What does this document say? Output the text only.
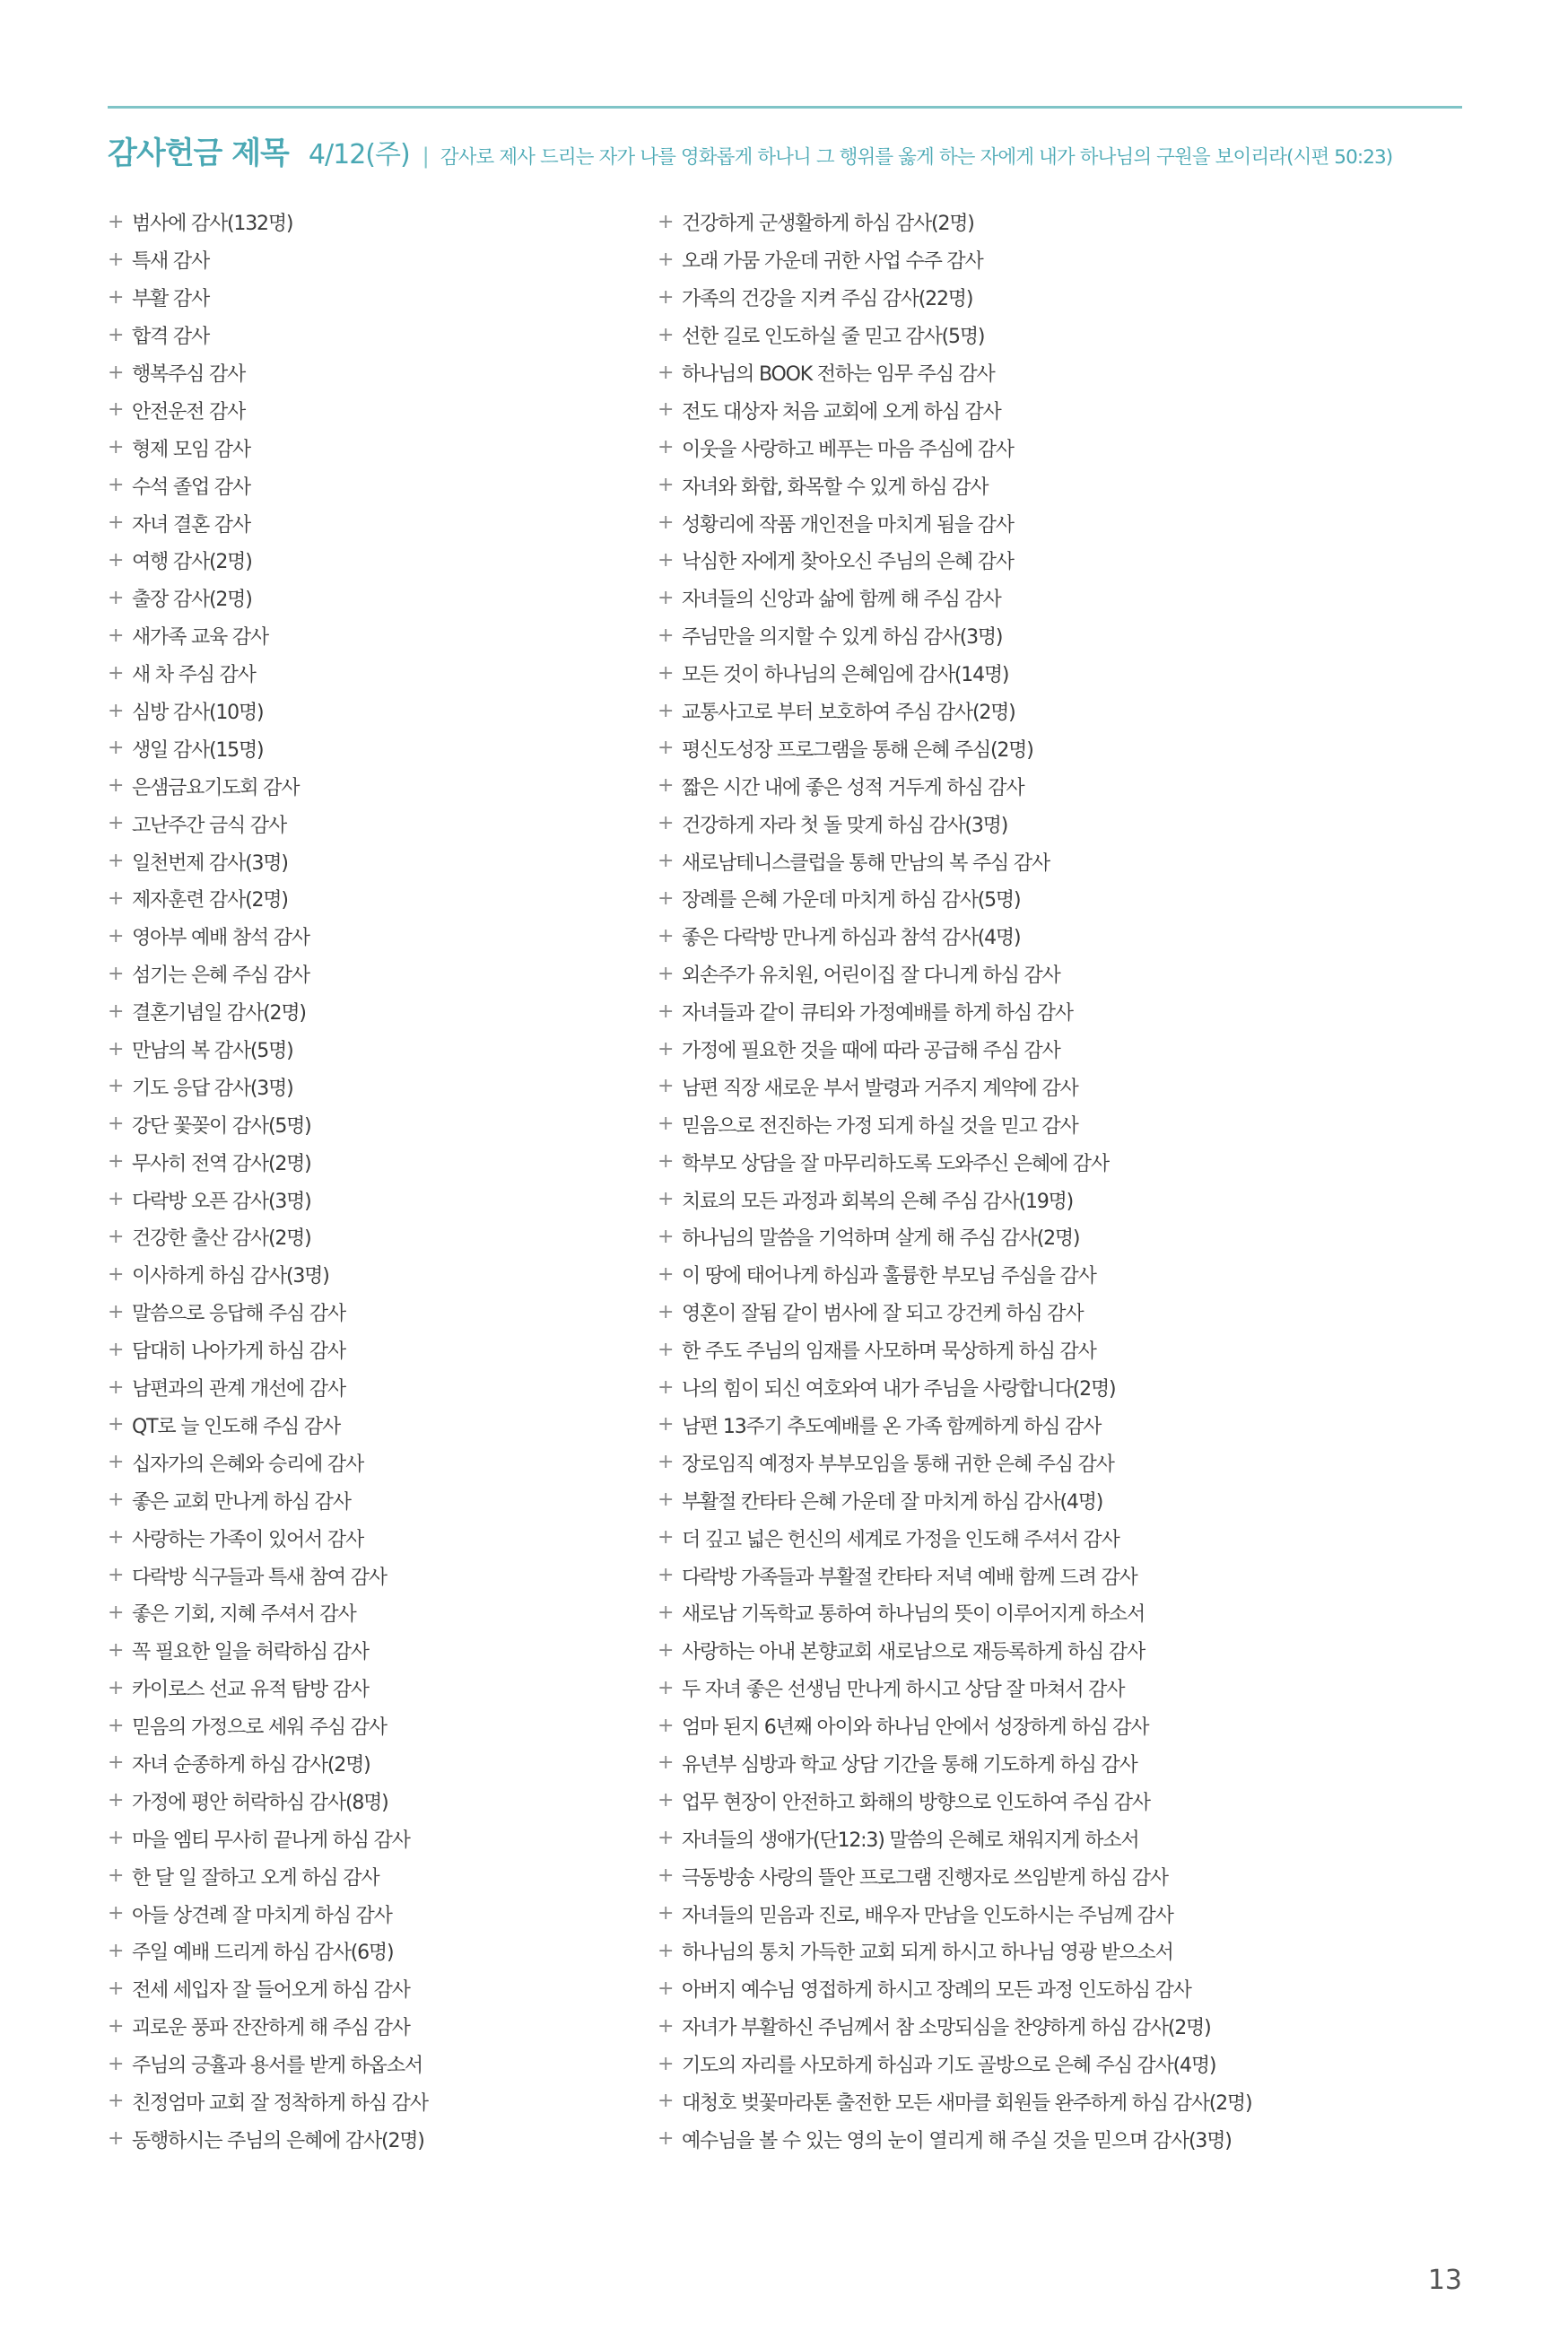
감사헌금 제목 4/12(주) | 감사로 제사 드리는 자가 나를 영화롭게 하나니 그 행위를 옳게 하는 자에게 내가 하나님의 구원을 보이리라(시편 50:23)
+ 범사에 감사(132명)
+ 특새 감사
+ 부활 감사
+ 합격 감사
+ 행복주심 감사
+ 안전운전 감사
+ 형제 모임 감사
+ 수석 졸업 감사
+ 자녀 결혼 감사
+ 여행 감사(2명)
+ 출장 감사(2명)
+ 새가족 교육 감사
+ 새 차 주심 감사
+ 심방 감사(10명)
+ 생일 감사(15명)
+ 은샘금요기도회 감사
+ 고난주간 금식 감사
+ 일천번제 감사(3명)
+ 제자훈련 감사(2명)
+ 영아부 예배 참석 감사
+ 섬기는 은혜 주심 감사
+ 결혼기념일 감사(2명)
+ 만남의 복 감사(5명)
+ 기도 응답 감사(3명)
+ 강단 꽃꽂이 감사(5명)
+ 무사히 전역 감사(2명)
+ 다락방 오픈 감사(3명)
+ 건강한 출산 감사(2명)
+ 이사하게 하심 감사(3명)
+ 말씀으로 응답해 주심 감사
+ 담대히 나아가게 하심 감사
+ 남편과의 관계 개선에 감사
+ QT로 늘 인도해 주심 감사
+ 십자가의 은혜와 승리에 감사
+ 좋은 교회 만나게 하심 감사
+ 사랑하는 가족이 있어서 감사
+ 다락방 식구들과 특새 참여 감사
+ 좋은 기회, 지혜 주셔서 감사
+ 꼭 필요한 일을 허락하심 감사
+ 카이로스 선교 유적 탐방 감사
+ 믿음의 가정으로 세워 주심 감사
+ 자녀 순종하게 하심 감사(2명)
+ 가정에 평안 허락하심 감사(8명)
+ 마을 엠티 무사히 끝나게 하심 감사
+ 한 달 일 잘하고 오게 하심 감사
+ 아들 상견례 잘 마치게 하심 감사
+ 주일 예배 드리게 하심 감사(6명)
+ 전세 세입자 잘 들어오게 하심 감사
+ 괴로운 풍파 잔잔하게 해 주심 감사
+ 주님의 긍휼과 용서를 받게 하옵소서
+ 친정엄마 교회 잘 정착하게 하심 감사
+ 동행하시는 주님의 은혜에 감사(2명)
+ 건강하게 군생활하게 하심 감사(2명)
+ 오래 가뭄 가운데 귀한 사업 수주 감사
+ 가족의 건강을 지켜 주심 감사(22명)
+ 선한 길로 인도하실 줄 믿고 감사(5명)
+ 하나님의 BOOK 전하는 임무 주심 감사
+ 전도 대상자 처음 교회에 오게 하심 감사
+ 이웃을 사랑하고 베푸는 마음 주심에 감사
+ 자녀와 화합, 화목할 수 있게 하심 감사
+ 성황리에 작품 개인전을 마치게 됨을 감사
+ 낙심한 자에게 찾아오신 주님의 은혜 감사
+ 자녀들의 신앙과 삶에 함께 해 주심 감사
+ 주님만을 의지할 수 있게 하심 감사(3명)
+ 모든 것이 하나님의 은혜임에 감사(14명)
+ 교통사고로 부터 보호하여 주심 감사(2명)
+ 평신도성장 프로그램을 통해 은혜 주심(2명)
+ 짧은 시간 내에 좋은 성적 거두게 하심 감사
+ 건강하게 자라 첫 돌 맞게 하심 감사(3명)
+ 새로남테니스클럽을 통해 만남의 복 주심 감사
+ 장례를 은혜 가운데 마치게 하심 감사(5명)
+ 좋은 다락방 만나게 하심과 참석 감사(4명)
+ 외손주가 유치원, 어린이집 잘 다니게 하심 감사
+ 자녀들과 같이 큐티와 가정예배를 하게 하심 감사
+ 가정에 필요한 것을 때에 따라 공급해 주심 감사
+ 남편 직장 새로운 부서 발령과 거주지 계약에 감사
+ 믿음으로 전진하는 가정 되게 하실 것을 믿고 감사
+ 학부모 상담을 잘 마무리하도록 도와주신 은혜에 감사
+ 치료의 모든 과정과 회복의 은혜 주심 감사(19명)
+ 하나님의 말씀을 기억하며 살게 해 주심 감사(2명)
+ 이 땅에 태어나게 하심과 훌륭한 부모님 주심을 감사
+ 영혼이 잘됨 같이 범사에 잘 되고 강건케 하심 감사
+ 한 주도 주님의 임재를 사모하며 묵상하게 하심 감사
+ 나의 힘이 되신 여호와여 내가 주님을 사랑합니다(2명)
+ 남편 13주기 추도예배를 온 가족 함께하게 하심 감사
+ 장로임직 예정자 부부모임을 통해 귀한 은혜 주심 감사
+ 부활절 칸타타 은혜 가운데 잘 마치게 하심 감사(4명)
+ 더 깊고 넓은 헌신의 세계로 가정을 인도해 주셔서 감사
+ 다락방 가족들과 부활절 칸타타 저녁 예배 함께 드려 감사
+ 새로남 기독학교 통하여 하나님의 뜻이 이루어지게 하소서
+ 사랑하는 아내 본향교회 새로남으로 재등록하게 하심 감사
+ 두 자녀 좋은 선생님 만나게 하시고 상담 잘 마쳐서 감사
+ 엄마 된지 6년째 아이와 하나님 안에서 성장하게 하심 감사
+ 유년부 심방과 학교 상담 기간을 통해 기도하게 하심 감사
+ 업무 현장이 안전하고 화해의 방향으로 인도하여 주심 감사
+ 자녀들의 생애가(단12:3) 말씀의 은혜로 채워지게 하소서
+ 극동방송 사랑의 뜰안 프로그램 진행자로 쓰임받게 하심 감사
+ 자녀들의 믿음과 진로, 배우자 만남을 인도하시는 주님께 감사
+ 하나님의 통치 가득한 교회 되게 하시고 하나님 영광 받으소서
+ 아버지 예수님 영접하게 하시고 장례의 모든 과정 인도하심 감사
+ 자녀가 부활하신 주님께서 참 소망되심을 찬양하게 하심 감사(2명)
+ 기도의 자리를 사모하게 하심과 기도 골방으로 은혜 주심 감사(4명)
+ 대청호 벚꽃마라톤 출전한 모든 새마클 회원들 완주하게 하심 감사(2명)
+ 예수님을 볼 수 있는 영의 눈이 열리게 해 주실 것을 믿으며 감사(3명)
13
